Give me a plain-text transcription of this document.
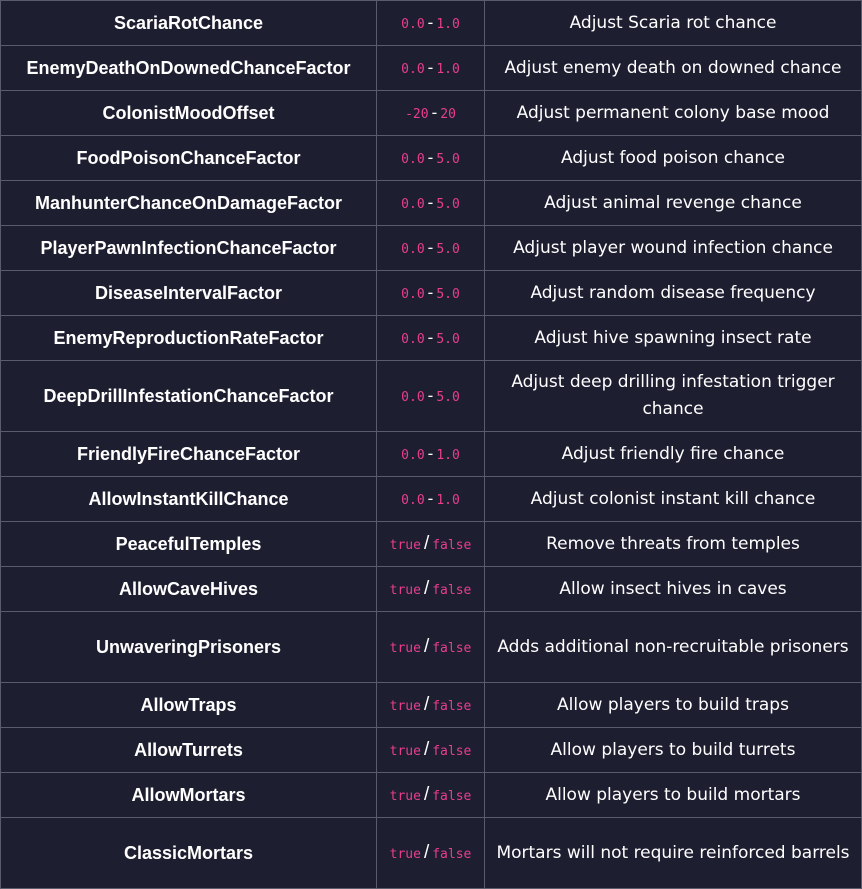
ScariaRotChance	0.0 - 1.0	Adjust Scaria rot chance
EnemyDeathOnDownedChanceFactor	0.0 - 1.0	Adjust enemy death on downed chance
ColonistMoodOffset	-20 - 20	Adjust permanent colony base mood
FoodPoisonChanceFactor	0.0 - 5.0	Adjust food poison chance
ManhunterChanceOnDamageFactor	0.0 - 5.0	Adjust animal revenge chance
PlayerPawnInfectionChanceFactor	0.0 - 5.0	Adjust player wound infection chance
DiseaseIntervalFactor	0.0 - 5.0	Adjust random disease frequency
EnemyReproductionRateFactor	0.0 - 5.0	Adjust hive spawning insect rate
DeepDrillInfestationChanceFactor	0.0 - 5.0	Adjust deep drilling infestation trigger chance
FriendlyFireChanceFactor	0.0 - 1.0	Adjust friendly fire chance
AllowInstantKillChance	0.0 - 1.0	Adjust colonist instant kill chance
PeacefulTemples	true / false	Remove threats from temples
AllowCaveHives	true / false	Allow insect hives in caves
UnwaveringPrisoners	true / false	Adds additional non-recruitable prisoners
AllowTraps	true / false	Allow players to build traps
AllowTurrets	true / false	Allow players to build turrets
AllowMortars	true / false	Allow players to build mortars
ClassicMortars	true / false	Mortars will not require reinforced barrels
